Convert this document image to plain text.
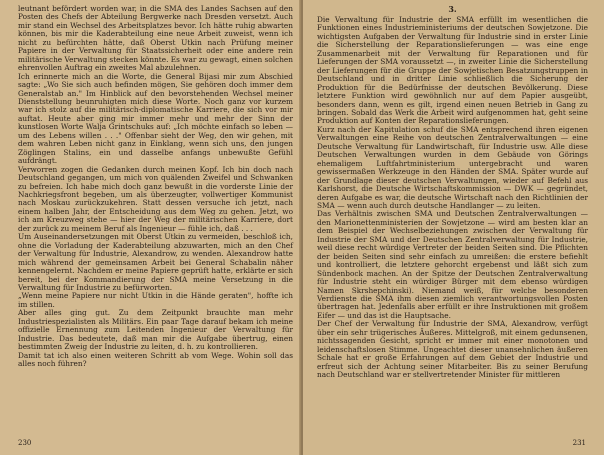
leutnant befördert worden war, in die SMA des Landes Sachsen auf den Posten des Chefs der Abteilung Bergwerke nach Dresden versetzt. Auch mir stand ein Wechsel des Arbeitsplatzes bevor. Ich hätte ruhig abwarten können, bis mir die Kaderabteilung eine neue Arbeit zuweist, wenn ich nicht zu befürchten hätte, daß Oberst Utkin nach Prüfung meiner Papiere in der Verwaltung für Staatssicherheit oder eine andere rein militärische Verwaltung stecken könnte. Es war zu gewagt, einen solchen ehrenvollen Auftrag ein zweites Mal abzulehnen.

Ich erinnerte mich an die Worte, die General Bijasi mir zum Abschied sagte: „Wo Sie sich auch befinden mögen, Sie gehören doch immer dem Generalstab an." Im Hinblick auf den bevorstehenden Wechsel meiner Dienststellung beunruhigten mich diese Worte. Noch ganz vor kurzem war ich stolz auf die militärisch-diplomatische Karriere, die sich vor mir auftat. Heute aber ging mir immer mehr und mehr der Sinn der kunstlosen Worte Walja Grintschuks auf: „Ich möchte einfach so leben — um des Lebens willen . . ." Offenbar sieht der Weg, den wir gehen, mit dem wahren Leben nicht ganz in Einklang, wenn sich uns, den jungen Zöglingen Stalins, ein und dasselbe anfangs unbewußte Gefühl aufdrängt.

Verworren zogen die Gedanken durch meinen Kopf. Ich bin doch nach Deutschland gegangen, um mich von quälenden Zweifel und Schwanken zu befreien. Ich habe mich doch ganz bewußt in die vorderste Linie der Nachkriegsfront begeben, um als überzeugter, vollwertiger Kommunist nach Moskau zurückzukehren. Statt dessen versuche ich jetzt, nach einem halben Jahr, der Entscheidung aus dem Weg zu gehen. Jetzt, wo ich am Kreuzweg stehe — hier der Weg der militärischen Karriere, dort der zurück zu meinem Beruf als Ingenieur — fühle ich, daß . . .

Um Auseinandersetzungen mit Oberst Utkin zu vermeiden, beschloß ich, ohne die Vorladung der Kaderabteilung abzuwarten, mich an den Chef der Verwaltung für Industrie, Alexandrow, zu wenden. Alexandrow hatte mich während der gemeinsamen Arbeit bei General Schabalin näher kennengelernt. Nachdem er meine Papiere geprüft hatte, erklärte er sich bereit, bei der Kommandierung der SMA meine Versetzung in die Verwaltung für Industrie zu befürworten.

„Wenn meine Papiere nur nicht Utkin in die Hände geraten", hoffte ich im stillen.

Aber alles ging gut. Zu dem Zeitpunkt brauchte man mehr Industriespezialisten als Militärs. Ein paar Tage darauf bekam ich meine offizielle Ernennung zum Leitenden Ingenieur der Verwaltung für Industrie. Das bedeutete, daß man mir die Aufgabe übertrug, einen bestimmten Zweig der Industrie zu leiten, d. h. zu kontrollieren.

Damit tat ich also einen weiteren Schritt ab vom Wege. Wohin soll das alles noch führen?

3.

Die Verwaltung für Industrie der SMA erfüllt im wesentlichen die Funktionen eines Industrieministeriums der deutschen Sowjetzone. Die wichtigsten Aufgaben der Verwaltung für Industrie sind in erster Linie die Sicherstellung der Reparationslieferungen — was eine enge Zusammenarbeit mit der Verwaltung für Reparationen und für Lieferungen der SMA voraussetzt —, in zweiter Linie die Sicherstellung der Lieferungen für die Gruppe der Sowjetischen Besatzungstruppen in Deutschland und in dritter Linie schließlich die Sicherung der Produktion für die Bedürfnisse der deutschen Bevölkerung. Diese letztere Funktion wird gewöhnlich nur auf dem Papier ausgeübt, besonders dann, wenn es gilt, irgend einen neuen Betrieb in Gang zu bringen. Sobald das Werk die Arbeit wird aufgenommen hat, geht seine Produktion auf Konten der Reparationslieferungen.

Kurz nach der Kapitulation schuf die SMA entsprechend ihren eigenen Verwaltungen eine Reihe von deutschen Zentralverwaltungen — eine Deutsche Verwaltung für Landwirtschaft, für Industrie usw. Alle diese Deutschen Verwaltungen wurden in dem Gebäude von Görings ehemaligem Luftfahrtministerium untergebracht und waren gewissermaßen Werkzeuge in den Händen der SMA. Später wurde auf der Grundlage dieser deutschen Verwaltungen, wieder auf Befehl aus Karlshorst, die Deutsche Wirtschaftskommission — DWK — gegründet, deren Aufgabe es war, die deutsche Wirtschaft nach den Richtlinien der SMA — wenn auch durch deutsche Handlanger — zu leiten.

Das Verhältnis zwischen SMA und Deutschen Zentralverwaltungen — den Marionettenministerien der Sowjetzone — wird am besten klar an dem Beispiel der Wechselbeziehungen zwischen der Verwaltung für Industrie der SMA und der Deutschen Zentralverwaltung für Industrie, weil diese recht würdige Vertreter der beiden Seiten sind. Die Pflichten der beiden Seiten sind sehr einfach zu umreißen: die erstere befiehlt und kontrolliert, die letztere gehorcht ergebenst und läßt sich zum Sündenbock machen. An der Spitze der Deutschen Zentralverwaltung für Industrie steht ein würdiger Bürger mit dem ebenso würdigen Namen Skrshepchinski). Niemand weiß, für welche besonderen Verdienste die SMA ihm diesen ziemlich verantwortungsvollen Posten übertragen hat. Jedenfalls aber erfüllt er ihre Instruktionen mit großem Eifer — und das ist die Hauptsache.

Der Chef der Verwaltung für Industrie der SMA, Alexandrow, verfügt über ein sehr trügerisches Äußeres. Mittelgroß, mit einem gedunsenen, nichtssagenden Gesicht, spricht er immer mit einer monotonen und leidenschaftslosen Stimme. Ungeachtet dieser unansehnlichen äußeren Schale hat er große Erfahrungen auf dem Gebiet der Industrie und erfreut sich der Achtung seiner Mitarbeiter. Bis zu seiner Berufung nach Deutschland war er stellvertretender Minister für mittleren

230	231
